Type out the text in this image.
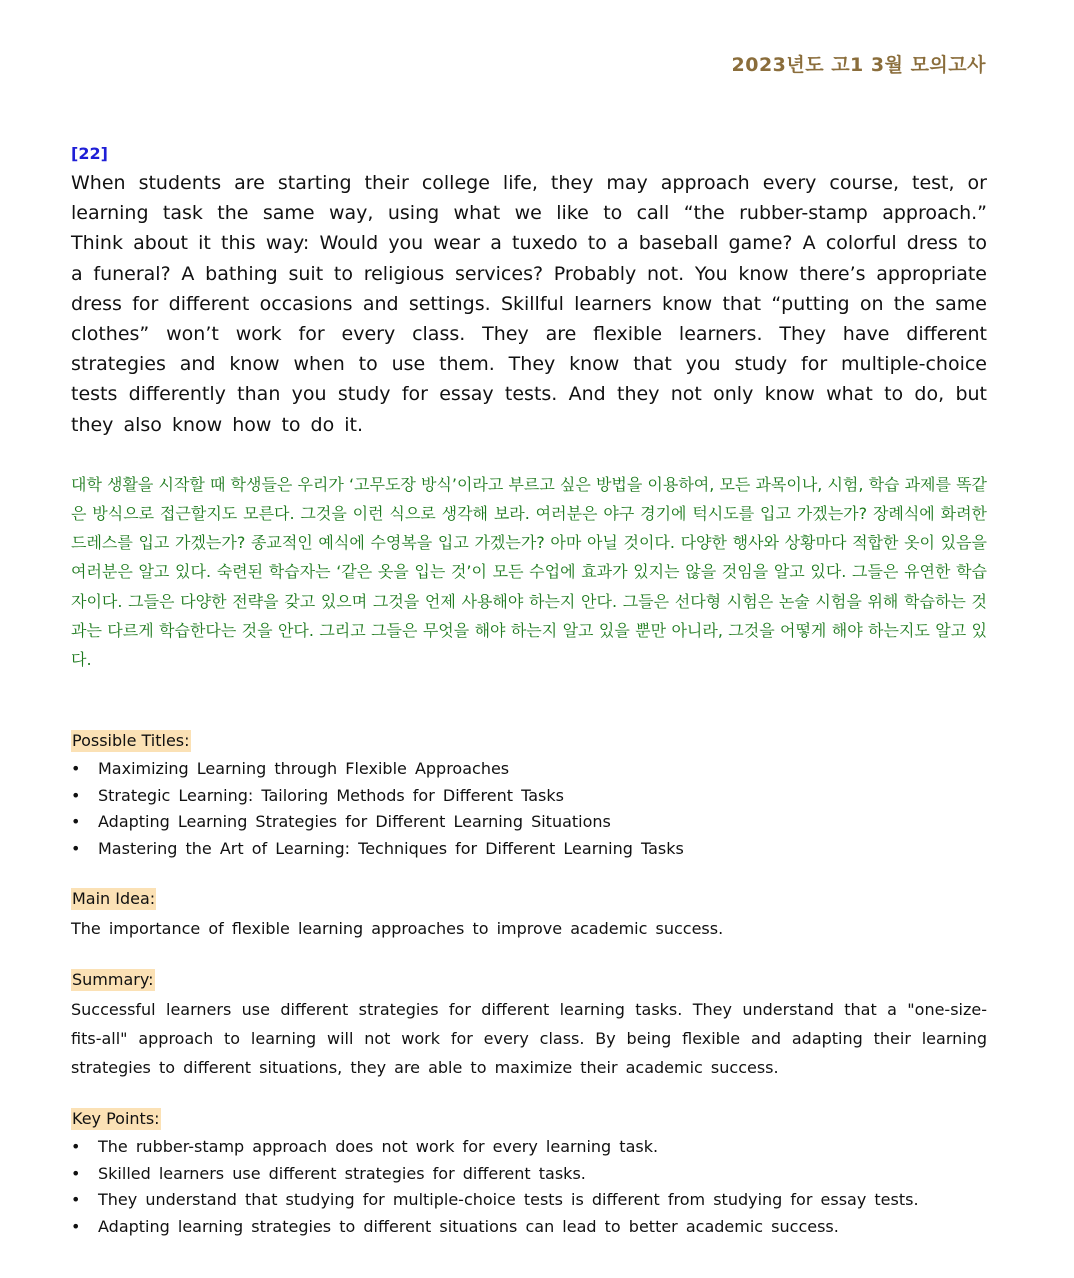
2023년도 고1 3월 모의고사
[22]

When students are starting their college life, they may approach every course, test, or learning task the same way, using what we like to call “the rubber-stamp approach.” Think about it this way: Would you wear a tuxedo to a baseball game? A colorful dress to a funeral? A bathing suit to religious services? Probably not. You know there’s appropriate dress for different occasions and settings. Skillful learners know that “putting on the same clothes” won’t work for every class. They are flexible learners. They have different strategies and know when to use them. They know that you study for multiple-choice tests differently than you study for essay tests. And they not only know what to do, but they also know how to do it.

대학 생활을 시작할 때 학생들은 우리가 ‘고무도장 방식’이라고 부르고 싶은 방법을 이용하여, 모든 과목이나, 시험, 학습 과제를 똑같은 방식으로 접근할지도 모른다. 그것을 이런 식으로 생각해 보라. 여러분은 야구 경기에 턱시도를 입고 가겠는가? 장례식에 화려한 드레스를 입고 가겠는가? 종교적인 예식에 수영복을 입고 가겠는가? 아마 아닐 것이다. 다양한 행사와 상황마다 적합한 옷이 있음을 여러분은 알고 있다. 숙련된 학습자는 ‘같은 옷을 입는 것’이 모든 수업에 효과가 있지는 않을 것임을 알고 있다. 그들은 유연한 학습자이다. 그들은 다양한 전략을 갖고 있으며 그것을 언제 사용해야 하는지 안다. 그들은 선다형 시험은 논술 시험을 위해 학습하는 것과는 다르게 학습한다는 것을 안다. 그리고 그들은 무엇을 해야 하는지 알고 있을 뿐만 아니라, 그것을 어떻게 해야 하는지도 알고 있다.

Possible Titles:
• Maximizing Learning through Flexible Approaches
• Strategic Learning: Tailoring Methods for Different Tasks
• Adapting Learning Strategies for Different Learning Situations
• Mastering the Art of Learning: Techniques for Different Learning Tasks
Main Idea:

The importance of flexible learning approaches to improve academic success.

Summary:

Successful learners use different strategies for different learning tasks. They understand that a "one-size-fits-all" approach to learning will not work for every class. By being flexible and adapting their learning strategies to different situations, they are able to maximize their academic success.

Key Points:
• The rubber-stamp approach does not work for every learning task.
• Skilled learners use different strategies for different tasks.
• They understand that studying for multiple-choice tests is different from studying for essay tests.
• Adapting learning strategies to different situations can lead to better academic success.
